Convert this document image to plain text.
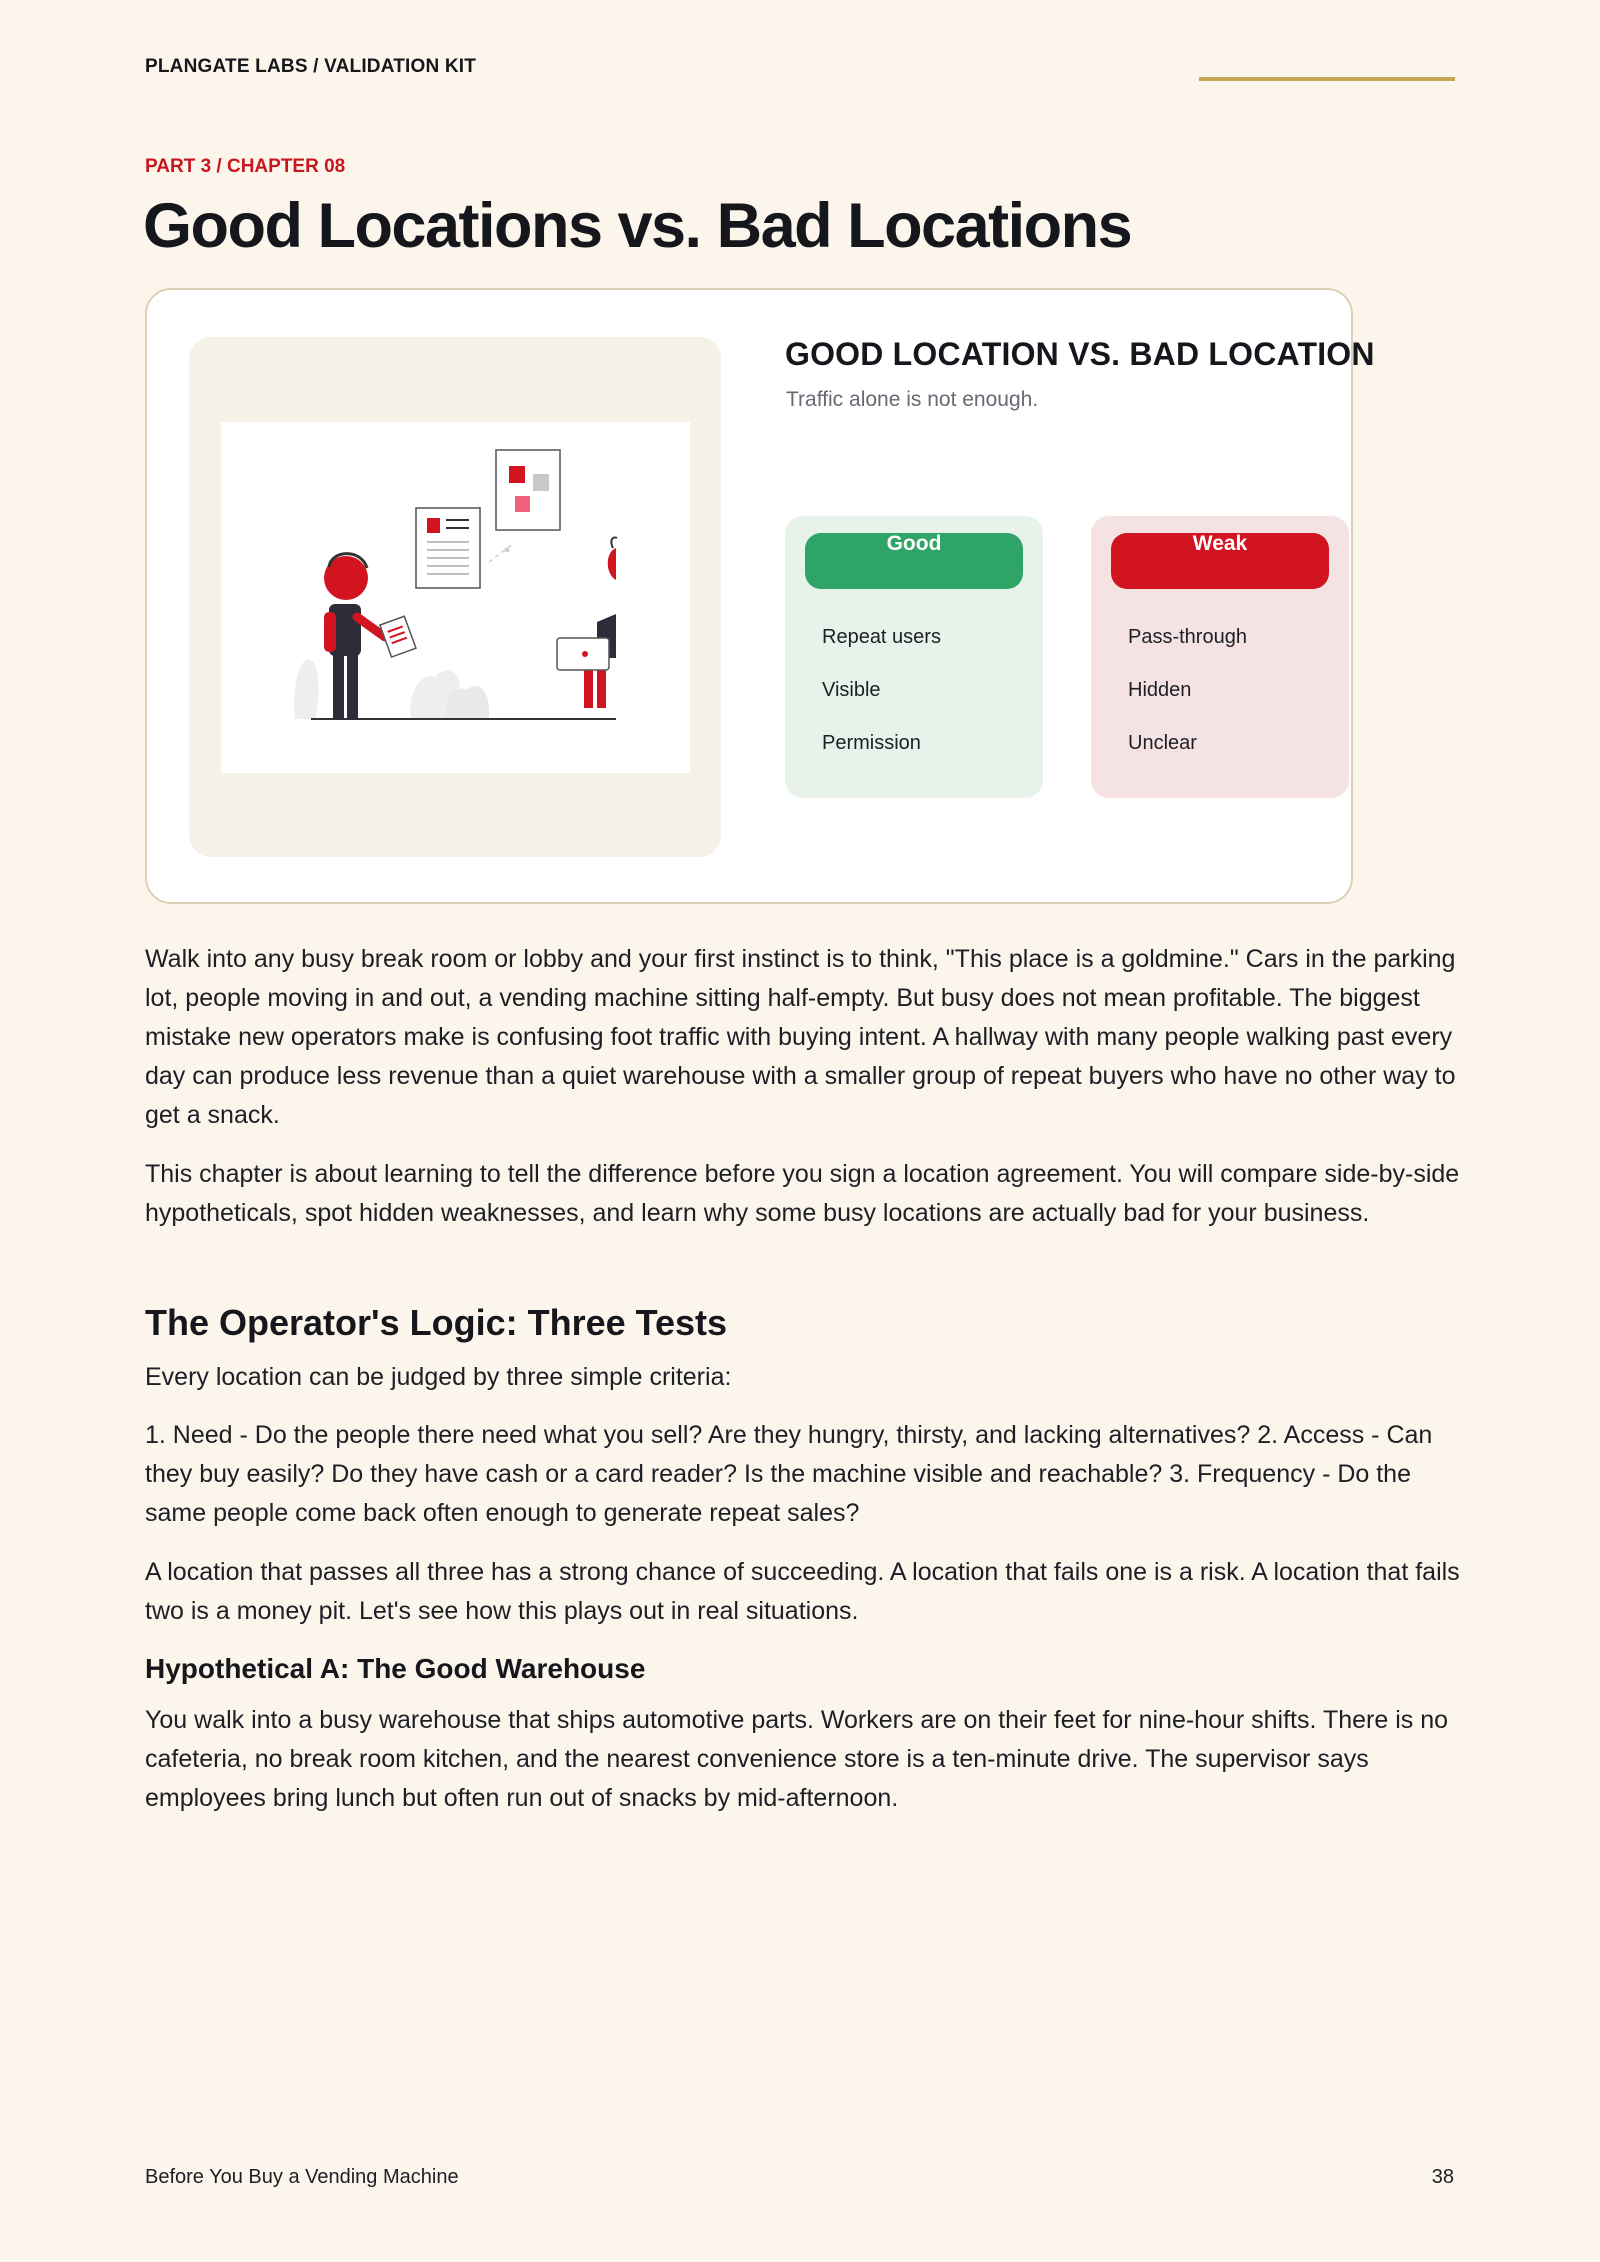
PLANGATE LABS / VALIDATION KIT
PART 3 / CHAPTER 08
Good Locations vs. Bad Locations
GOOD LOCATION VS. BAD LOCATION
Traffic alone is not enough.
Good
Repeat users
Visible
Permission
Weak
Pass-through
Hidden
Unclear

Walk into any busy break room or lobby and your first instinct is to think, "This place is a goldmine." Cars in the parking lot, people moving in and out, a vending machine sitting half-empty. But busy does not mean profitable. The biggest mistake new operators make is confusing foot traffic with buying intent. A hallway with many people walking past every day can produce less revenue than a quiet warehouse with a smaller group of repeat buyers who have no other way to get a snack.

This chapter is about learning to tell the difference before you sign a location agreement. You will compare side-by-side hypotheticals, spot hidden weaknesses, and learn why some busy locations are actually bad for your business.

The Operator's Logic: Three Tests

Every location can be judged by three simple criteria:

1. Need - Do the people there need what you sell? Are they hungry, thirsty, and lacking alternatives? 2. Access - Can they buy easily? Do they have cash or a card reader? Is the machine visible and reachable? 3. Frequency - Do the same people come back often enough to generate repeat sales?

A location that passes all three has a strong chance of succeeding. A location that fails one is a risk. A location that fails two is a money pit. Let's see how this plays out in real situations.

Hypothetical A: The Good Warehouse

You walk into a busy warehouse that ships automotive parts. Workers are on their feet for nine-hour shifts. There is no cafeteria, no break room kitchen, and the nearest convenience store is a ten-minute drive. The supervisor says employees bring lunch but often run out of snacks by mid-afternoon.

Before You Buy a Vending Machine	38
